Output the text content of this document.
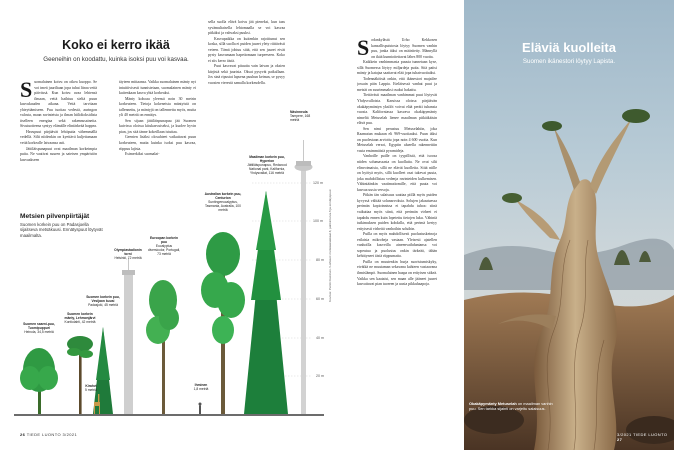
Koko ei kerro ikää
Geeneihin on koodattu, kuinka isoksi puu voi kasvaa.
S uomalainen koivu on oikea kuoppo. Se voi imeä juuriltaan jopa tuhat litraa vettä päivässä. Kun koivu avaa lehtensä ilmaan, vettä haihtuu sieltä puun kasvukauden aikana. Vettä tarvitaan yhteyttämiseen. Puu tuottaa vedestä, auringon valosta, maan ravinteista ja ilman hiilidioksidista itselleen energiaa sekä rakennusaineita. Sivutuotteena syntyy elämälle elintärkeää happea.

Havupuut pärjäävät lehtipuita vähemmällä vedellä. Silti niidenkin on kyettävä kuljettamaan vettä korkealle latvaansa asti.

Jättiläispunapuut ovat maailman korkeimpia puita. Ne vaativat suuren ja sateisen ympäristön kasvaakseen

täyteen mittaansa. Vaikka suomalainen mänty nyt intuitiivisesti tunnistetaan, suomalainen mänty ei kuitenkaan kasva yhtä korkeaksi.

Mänty kohoaa yleensä noin 30 metrin korkeuteen. Tietoja kokeneista mäntyistä on tallennettu, ja mäntyjä on tallennettu myös, mutta yli 40 metriä on ennätys.

Sen sijaan jättiläispunapuu jää Suomen kuivissa oloissa kitukasvuiseksi, ja kuolee hyvin pian, jos sitä tänne kokeillaan istuttaa.

Geenien lisäksi olosuhteet vaikuttavat puun korkeuteen, mutta kuinka isoksi puu kasvaa, riippuu lajista.

Esimerkiksi suomalai-

sella suolla elävä koivu jää pieneksi, kun taas syvämultaisella lehtomaalla se voi kasvaa pitkäksi ja vahvaksi puuksi.

Kasvupaikka on kuitenkin rajoittunut sen koska, sillä suolla ei puiden juuret ylety riittävästi veteen. Tämä johtuu siitä, että sen juuret eivät pysty kasvamaan hapettomaan turpeeseen. Koko ei siis kerro iästä.

Puut kasvavat pituutta vain latvan ja oksien kärjistä sekä juurista. Oksat pysyvät paikallaan. Jos sinä ripustat lapsena puuhun keinun, se pysyy vuosien vierestä samalla korkeudella.

Metsien pilvenpiirtäjät
Suomen korkein puu on Padasjoella sijaitseva metsäkuusi. Ennätyspuut löytyvät maailmalta.
120 m
100 m
80 m
60 m
40 m
20 m
Suomen saarni-puu, Tuomipuppuri
Heinola, 34,5 metriä
Suomen korkein mänty, Lehmonjärvi
Kontiolahti, 42 metriä
Suomen korkein puu, Vesijaon kuusi
Padasjoki, 45 metriä
Olympiastadionin torni
Helsinki, 72 metriä
Kirahvi
5 metriä
Euroopan korkein puu
Eucalyptus diversicolor, Portugali, 73 metriä
Australian korkein puu, Centurion
Suntingeeucalyptus, Tasmania, Australia, 100 metriä
Ihminen
1,8 metriä
Maailman korkein puu, Hyperion
Jättiläispunapuu, Redwood National park, Kalifornia, Yhdysvallat, 116 metriä
Näsinneula
Tampere, 168 metriä
Kuvitus: Pentti Roininen / Lähteet: metsäasiakkaat.fi, pahkinturva.fi ja ennätyspuut
26 TIEDE LUONTO 3/2021
S odankylästä Urho Kekkosen kansallispuistosta löytyy Suomen vanhin puu, jonka iäksi on määritetty. Männyllä on ikää kunnioitettavat lähes 800 vuotta.

Kaikkein vanhimmasta puusta tunnetaan kyse, sillä Suomessa löytyy miljardeja puita. Sitä paitsi mänty ja katajaa saattavat elää jopa tuhatvuotiaiksi.

Todennäköistä onkin, että ikänestori majailee jossain päin Lappia. Eteläisessä vanhat puut ja metsät on suurimmaksi osaksi hakattu.

Tiettävästi maailman vanhimmat puut löytyvät Yhdysvalloista. Karuissa oloissa pärjäävän okakäpymäntyn yksilöt voivat elää peräti tuhansia vuosia. Kaliforniassa kasvava okakäpymänty nimeltä Metuselah lienee maailman pitkäikäisin elävä puu.

Sen nimi perustuu Metuselahiin, joka Raamatun mukaan eli 969-vuotiaaksi. Puun iäksi on puolestaan arvioitu jopa noin 4 600 vuotta. Kun Metuselah versoi, Egyptin alueella rakennettiin vasta ensimmäisiä pyramideja.

Vanhoille puille on tyypillistä, että isoosa niiden solumassasta on kuollutta. Ne ovat silti elinvoimaisia, sillä ne elävät kuolleita. Siitä niille on hyötyä myös, sillä kuolleet osat tukevat puuta, joka mahdollistaa vedenja ravinteiden kulkemisen. Vähintäänkin vaatimattomille, että puuta voi kasvaa uusia versoja.

Pitkän iän salaisuus saattaa piillä myös puiden kyvyssä välttää solunarvoksia. Solujen jakautuessa perimän kopioinnissa ei tapahdu tuhoa: siinä vaikuttaa myös siinä, että perimän virheet ei tapahdu ennen kuin lopetettu tietojen luku. Vähintä tutkimuksen puiden kohdalla, että perimä kertyy erityisesti virheitä vanhoihin soluihin.

Puilla on myös mahdollisesti puolustuskeinoja erilaisia mikrobeja vastaan. Yleisesti ajatellen vanhoilla kasveilla aineenvaihduntansa voi sopeutua ja puolustus onkin tärkeää, tähän kehittyneet iästä riippumatta.

Puilla on muutenkin hurja suoristumiskyky, eivätkä ne muutaman sekavana kahteen vastaavana ihmislämpö. Suomalainen haapa on erityisen sitkeä. Vaikka sen kaataisi, sen maan alle jääneet juuret kasvattavat pian tuoreen ja uusia pikkuhaapoja.

Eläviä kuolleita
Suomen ikänestori löytyy Lapista.
Okakäpymänty Metuselah on maailman vanhin puu. Sen tarkka sijainti on varjeltu salaisuus.
3/2021 TIEDE LUONTO 27
